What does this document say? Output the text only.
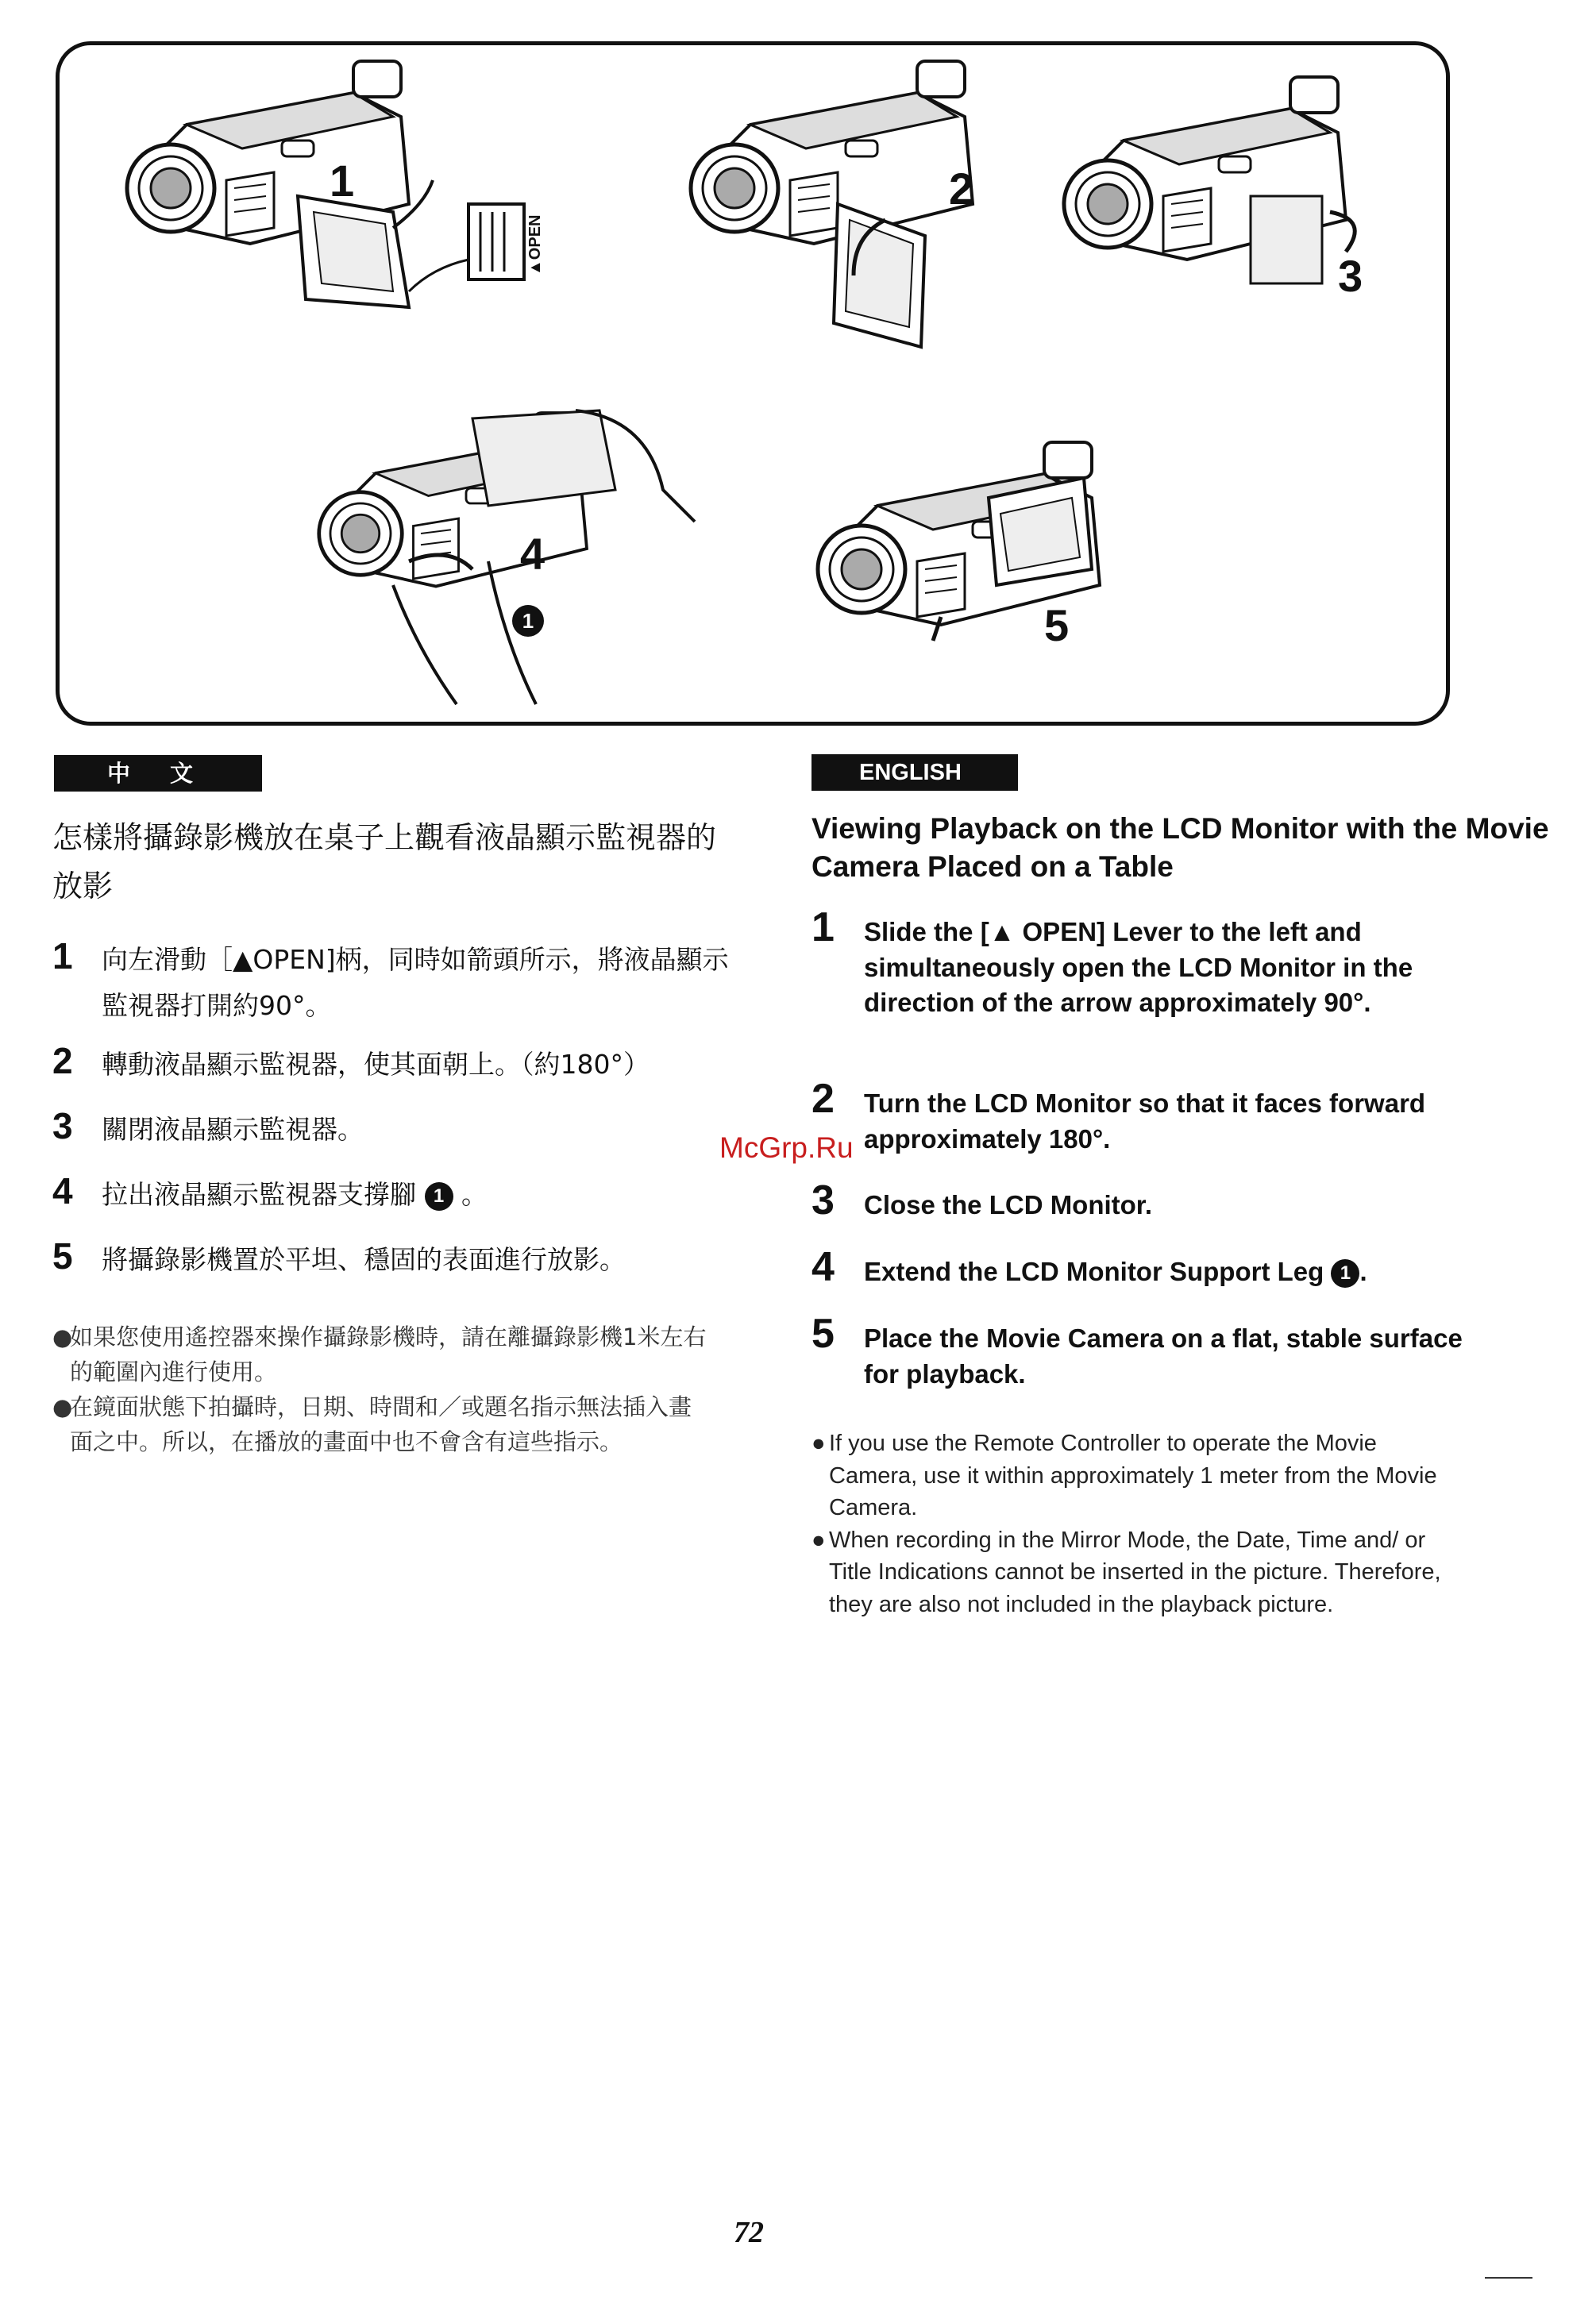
▲OPEN
1	2
3
4
1	5
中 文
怎樣將攝錄影機放在桌子上觀看液晶顯示監視器的放影
1 向左滑動［▲OPEN]柄，同時如箭頭所示，將液晶顯示監視器打開約90°。
2 轉動液晶顯示監視器，使其面朝上。（約180°）
3 關閉液晶顯示監視器。
4 拉出液晶顯示監視器支撐腳 1 。
5 將攝錄影機置於平坦、穩固的表面進行放影。
●
如果您使用遙控器來操作攝錄影機時，請在離攝錄影機1米左右的範圍內進行使用。
●
在鏡面狀態下拍攝時，日期、時間和／或題名指示無法插入畫面之中。所以，在播放的畫面中也不會含有這些指示。
ENGLISH
Viewing Playback on the LCD Monitor with the Movie Camera Placed on a Table
1 Slide the [▲ OPEN] Lever to the left and simultaneously open the LCD Monitor in the direction of the arrow approximately 90°.
2 Turn the LCD Monitor so that it faces forward approximately 180°.
3 Close the LCD Monitor.
4 Extend the LCD Monitor Support Leg 1 .
5 Place the Movie Camera on a flat, stable surface for playback.
● If you use the Remote Controller to operate the Movie Camera, use it within approximately 1 meter from the Movie Camera.
● When recording in the Mirror Mode, the Date, Time and/ or Title Indications cannot be inserted in the picture. Therefore, they are also not included in the playback picture.
McGrp.Ru
72
